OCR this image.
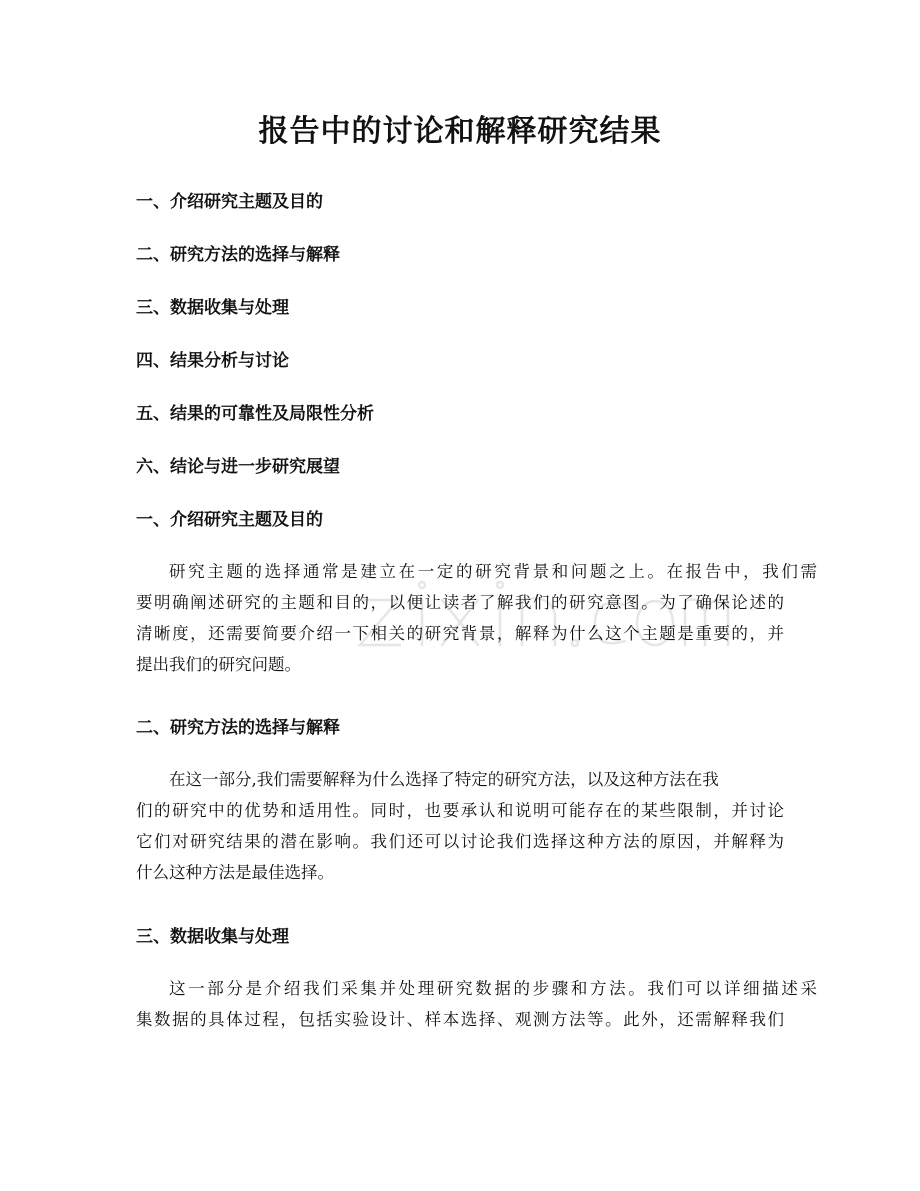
报告中的讨论和解释研究结果
一、介绍研究主题及目的
二、研究方法的选择与解释
三、数据收集与处理
四、结果分析与讨论
五、结果的可靠性及局限性分析
六、结论与进一步研究展望
一、介绍研究主题及目的
研究主题的选择通常是建立在一定的研究背景和问题之上。在报告中，我们需
要明确阐述研究的主题和目的，以便让读者了解我们的研究意图。为了确保论述的
清晰度，还需要简要介绍一下相关的研究背景，解释为什么这个主题是重要的，并
提出我们的研究问题。
二、研究方法的选择与解释
在这一部分,我们需要解释为什么选择了特定的研究方法，以及这种方法在我
们的研究中的优势和适用性。同时，也要承认和说明可能存在的某些限制，并讨论
它们对研究结果的潜在影响。我们还可以讨论我们选择这种方法的原因，并解释为
什么这种方法是最佳选择。
三、数据收集与处理
这一部分是介绍我们采集并处理研究数据的步骤和方法。我们可以详细描述采
集数据的具体过程，包括实验设计、样本选择、观测方法等。此外，还需解释我们
